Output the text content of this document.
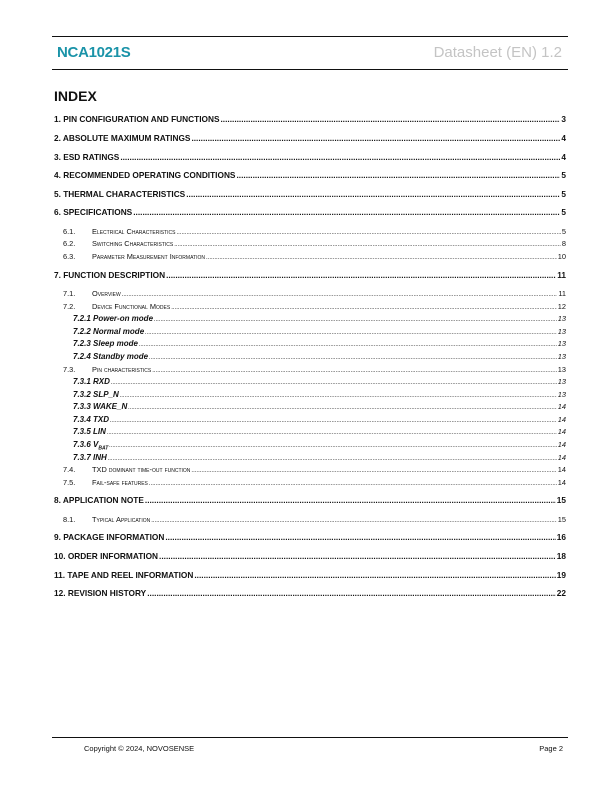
NCA1021S	Datasheet (EN) 1.2
INDEX
1. PIN CONFIGURATION AND FUNCTIONS .....	3
2. ABSOLUTE MAXIMUM RATINGS .....	4
3. ESD RATINGS .....	4
4. RECOMMENDED OPERATING CONDITIONS .....	5
5. THERMAL CHARACTERISTICS .....	5
6. SPECIFICATIONS .....	5
6.1.	Electrical Characteristics .....	5
6.2.	Switching Characteristics .....	8
6.3.	Parameter Measurement Information .....	10
7. FUNCTION DESCRIPTION .....	11
7.1.	Overview .....	11
7.2.	Device Functional Modes .....	12
7.2.1 Power-on mode .....	13
7.2.2 Normal mode .....	13
7.2.3 Sleep mode .....	13
7.2.4 Standby mode .....	13
7.3.	Pin characteristics .....	13
7.3.1 RXD .....	13
7.3.2 SLP_N .....	13
7.3.3 WAKE_N .....	14
7.3.4 TXD .....	14
7.3.5 LIN .....	14
7.3.6 $V_{BAT}$ .....	14
7.3.7 INH .....	14
7.4.	TXD dominant time-out function .....	14
7.5.	Fail-safe features .....	14
8. APPLICATION NOTE .....	15
8.1.	Typical Application .....	15
9. PACKAGE INFORMATION .....	16
10. ORDER INFORMATION .....	18
11. TAPE AND REEL INFORMATION .....	19
12. REVISION HISTORY .....	22
Copyright © 2024, NOVOSENSE	Page 2
